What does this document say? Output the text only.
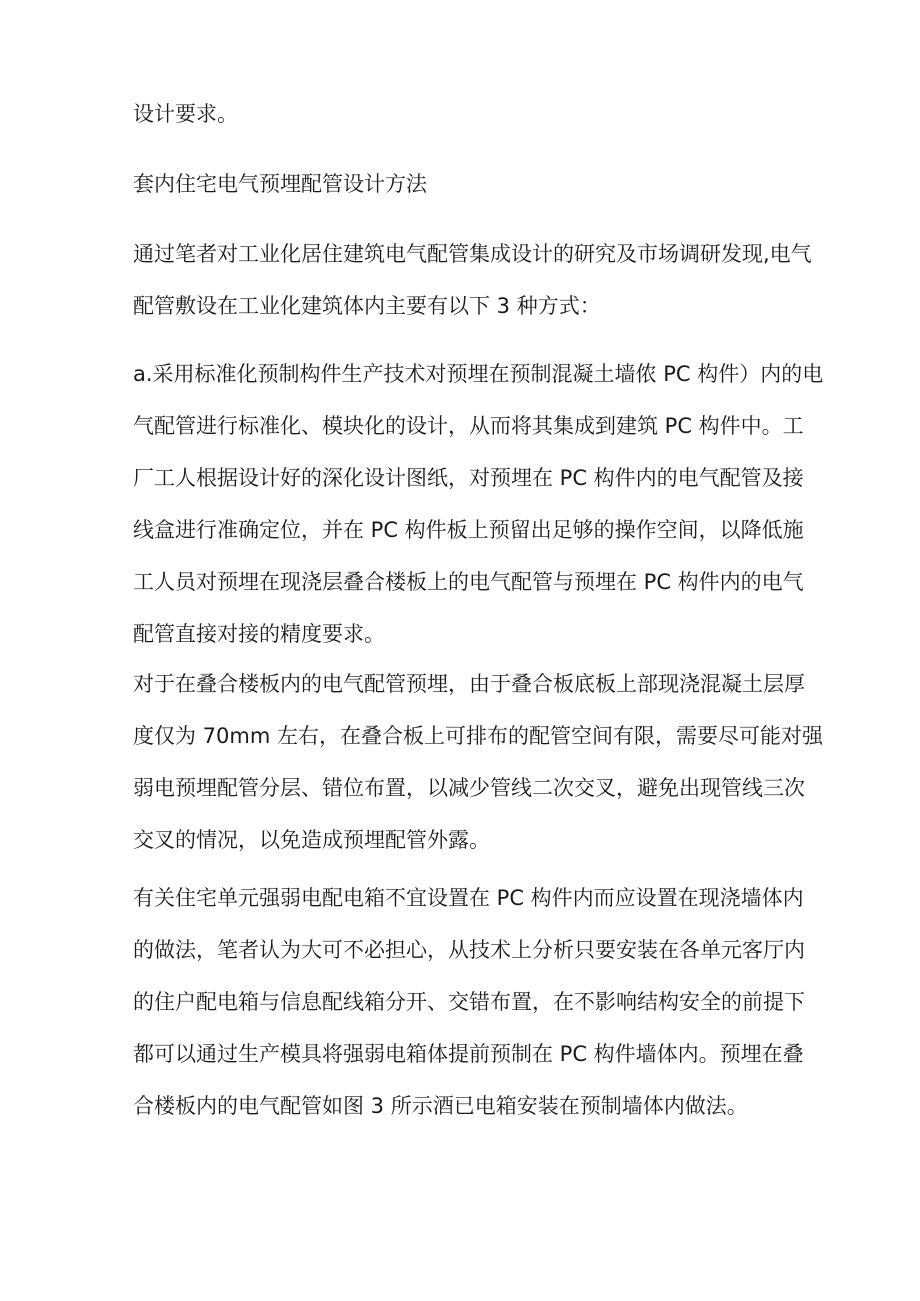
设计要求。

套内住宅电气预埋配管设计方法

通过笔者对工业化居住建筑电气配管集成设计的研究及市场调研发现,电气
配管敷设在工业化建筑体内主要有以下 3 种方式：

a.采用标准化预制构件生产技术对预埋在预制混凝土墙侬 PC 构件）内的电
气配管进行标准化、模块化的设计，从而将其集成到建筑 PC 构件中。工
厂工人根据设计好的深化设计图纸，对预埋在 PC 构件内的电气配管及接
线盒进行准确定位，并在 PC 构件板上预留出足够的操作空间，以降低施
工人员对预埋在现浇层叠合楼板上的电气配管与预埋在 PC 构件内的电气
配管直接对接的精度要求。

对于在叠合楼板内的电气配管预埋，由于叠合板底板上部现浇混凝土层厚
度仅为 70mm 左右，在叠合板上可排布的配管空间有限，需要尽可能对强
弱电预埋配管分层、错位布置，以减少管线二次交叉，避免出现管线三次
交叉的情况，以免造成预埋配管外露。

有关住宅单元强弱电配电箱不宜设置在 PC 构件内而应设置在现浇墙体内
的做法，笔者认为大可不必担心，从技术上分析只要安装在各单元客厅内
的住户配电箱与信息配线箱分开、交错布置，在不影响结构安全的前提下
都可以通过生产模具将强弱电箱体提前预制在 PC 构件墙体内。预埋在叠
合楼板内的电气配管如图 3 所示酒已电箱安装在预制墙体内做法。
